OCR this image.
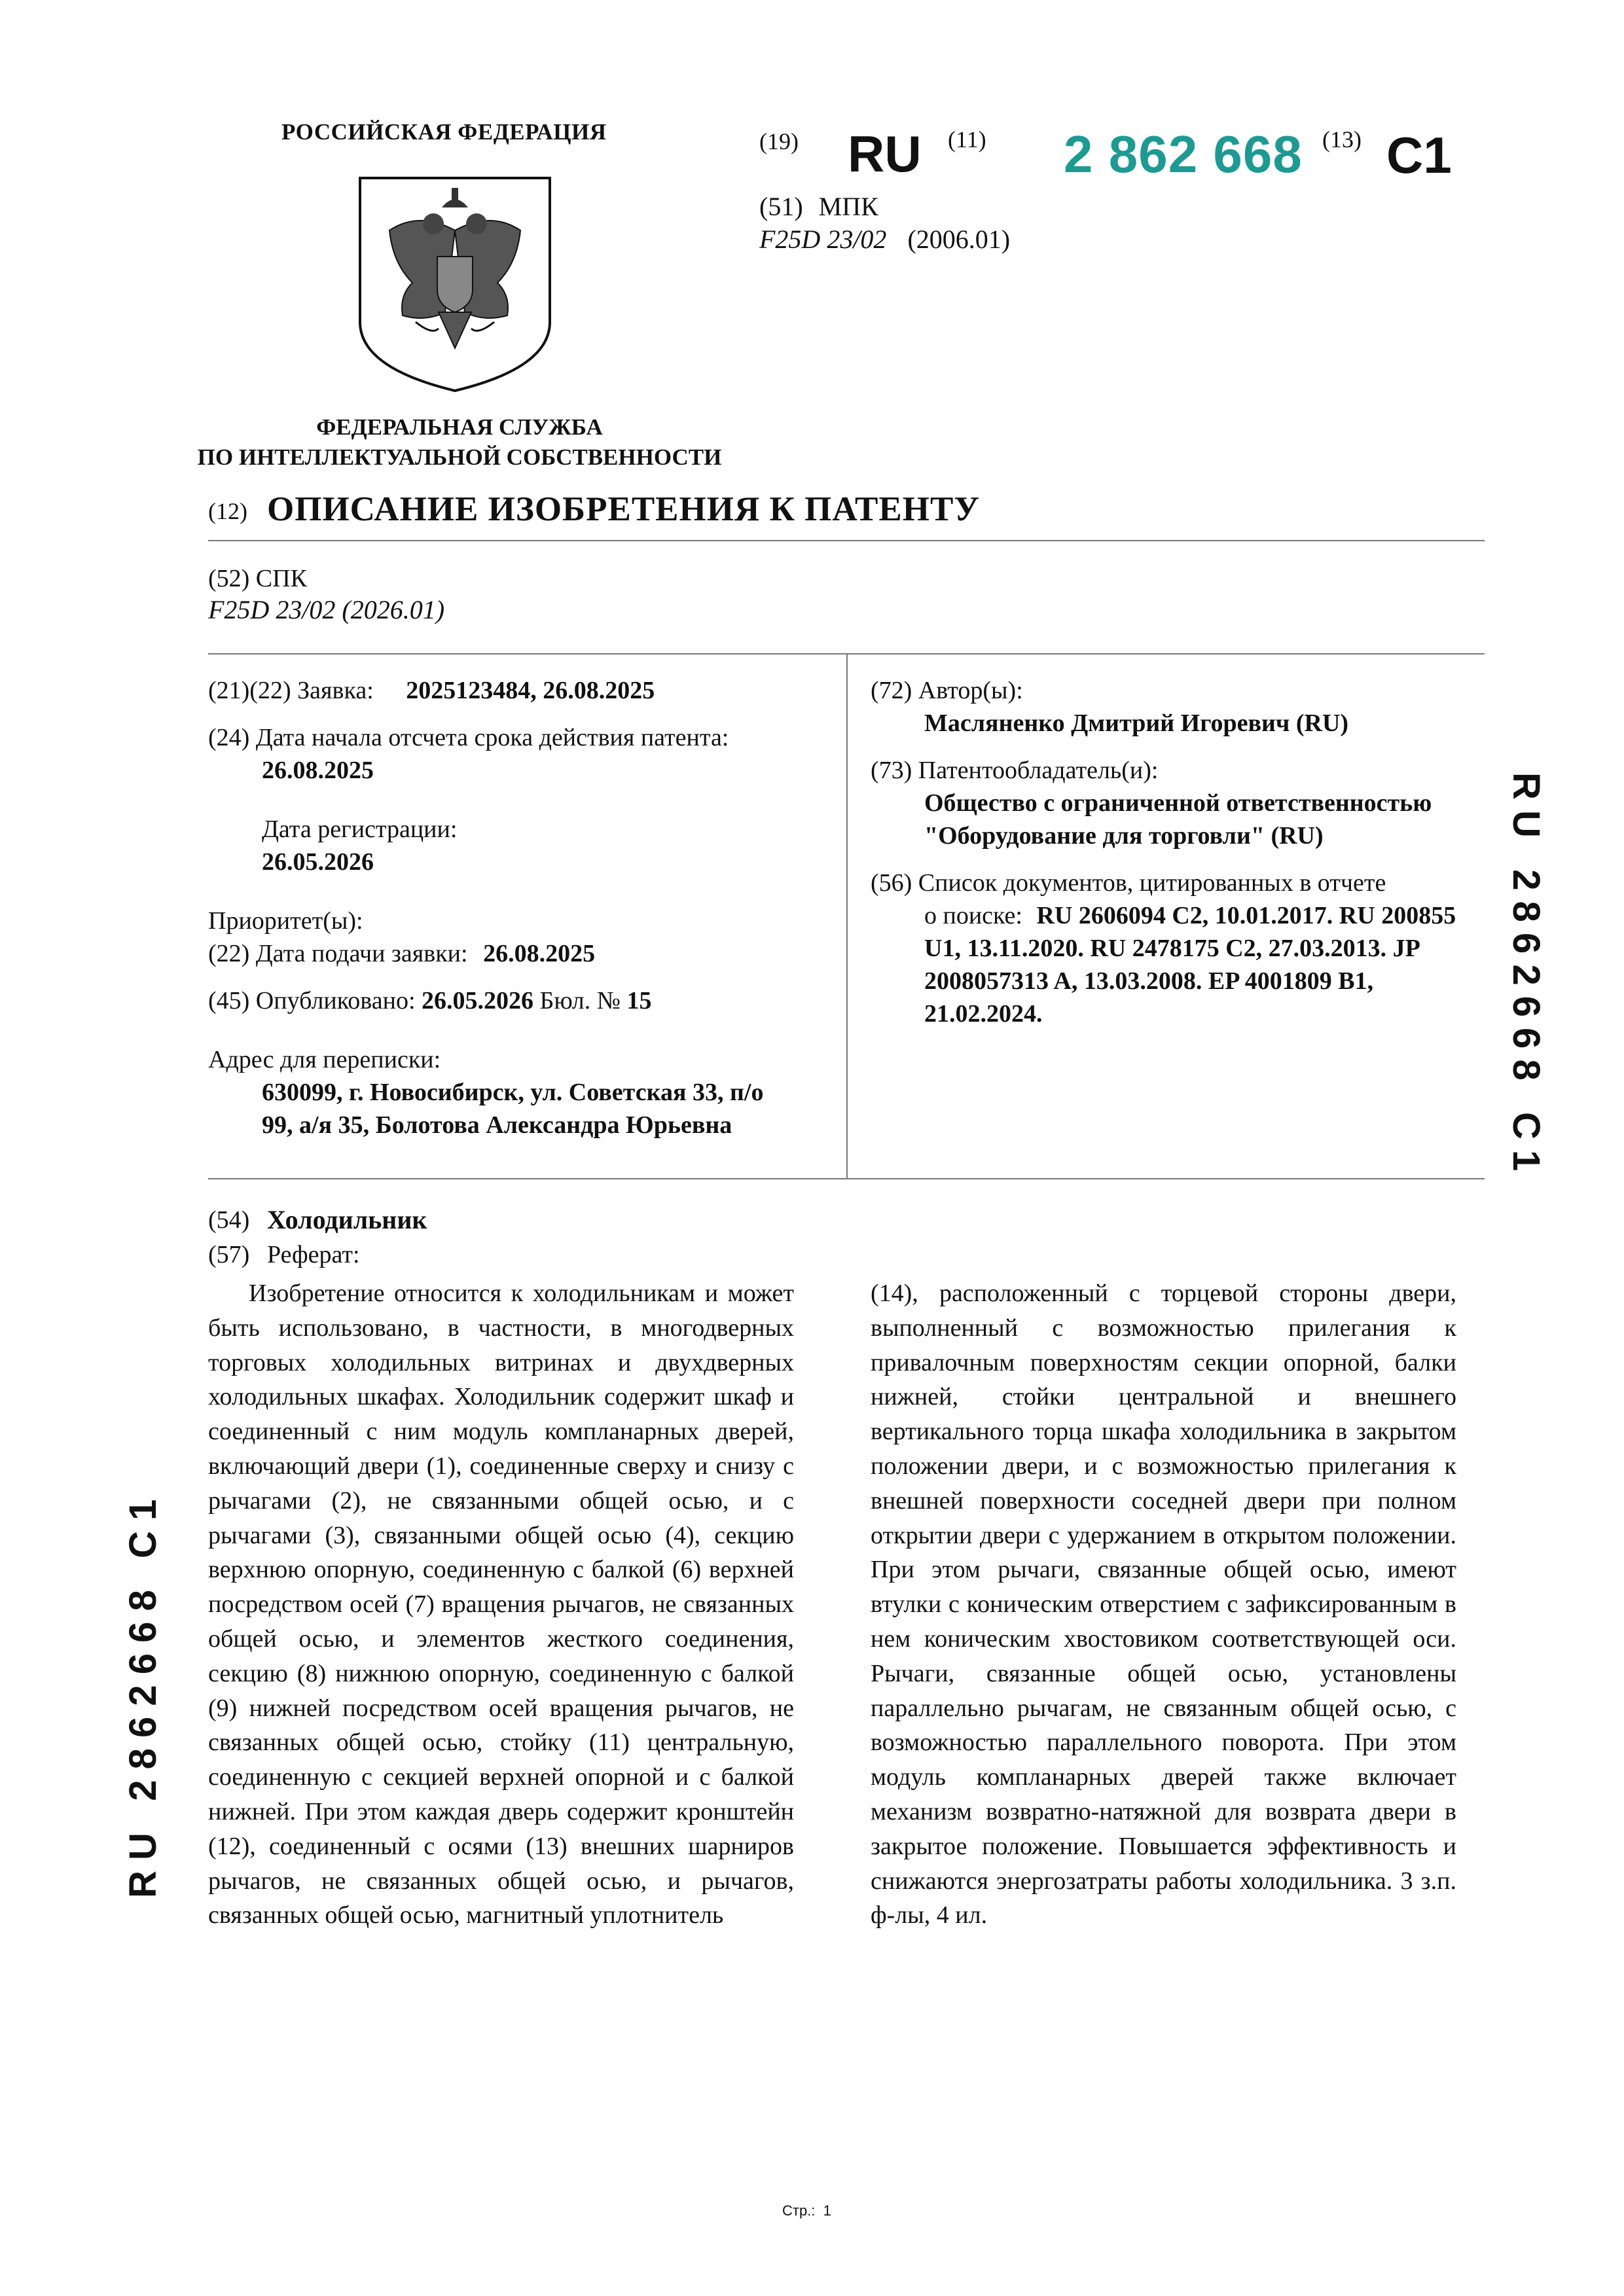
РОССИЙСКАЯ ФЕДЕРАЦИЯ
ФЕДЕРАЛЬНАЯ СЛУЖБА
ПО ИНТЕЛЛЕКТУАЛЬНОЙ СОБСТВЕННОСТИ
(19) RU (11) 2 862 668 (13) C1
(51) МПК
F25D 23/02 (2006.01)
(12) ОПИСАНИЕ ИЗОБРЕТЕНИЯ К ПАТЕНТУ
(52) СПК
F25D 23/02 (2026.01)
(21)(22) Заявка: 2025123484, 26.08.2025
(24) Дата начала отсчета срока действия патента:
26.08.2025
Дата регистрации:
26.05.2026
Приоритет(ы):
(22) Дата подачи заявки: 26.08.2025
(45) Опубликовано: 26.05.2026 Бюл. № 15
Адрес для переписки:
630099, г. Новосибирск, ул. Советская 33, п/о
99, а/я 35, Болотова Александра Юрьевна
(72) Автор(ы):
Масляненко Дмитрий Игоревич (RU)
(73) Патентообладатель(и):
Общество с ограниченной ответственностью
"Оборудование для торговли" (RU)
(56) Список документов, цитированных в отчете
о поиске: RU 2606094 C2, 10.01.2017. RU 200855
U1, 13.11.2020. RU 2478175 C2, 27.03.2013. JP
2008057313 A, 13.03.2008. EP 4001809 B1,
21.02.2024.	R U   2 8 6 2 6 6 8   C 1
R U   2 8 6 2 6 6 8   C 1
(54) Холодильник
(57) Реферат:

Изобретение относится к холодильникам и может быть использовано, в частности, в многодверных торговых холодильных витринах и двухдверных холодильных шкафах. Холодильник содержит шкаф и соединенный с ним модуль компланарных дверей, включающий двери (1), соединенные сверху и снизу с рычагами (2), не связанными общей осью, и с рычагами (3), связанными общей осью (4), секцию верхнюю опорную, соединенную с балкой (6) верхней посредством осей (7) вращения рычагов, не связанных общей осью, и элементов жесткого соединения, секцию (8) нижнюю опорную, соединенную с балкой (9) нижней посредством осей вращения рычагов, не связанных общей осью, стойку (11) центральную, соединенную с секцией верхней опорной и с балкой нижней. При этом каждая дверь содержит кронштейн (12), соединенный с осями (13) внешних шарниров рычагов, не связанных общей осью, и рычагов, связанных общей осью, магнитный уплотнитель

(14), расположенный с торцевой стороны двери, выполненный с возможностью прилегания к привалочным поверхностям секции опорной, балки нижней, стойки центральной и внешнего вертикального торца шкафа холодильника в закрытом положении двери, и с возможностью прилегания к внешней поверхности соседней двери при полном открытии двери с удержанием в открытом положении. При этом рычаги, связанные общей осью, имеют втулки с коническим отверстием с зафиксированным в нем коническим хвостовиком соответствующей оси. Рычаги, связанные общей осью, установлены параллельно рычагам, не связанным общей осью, с возможностью параллельного поворота. При этом модуль компланарных дверей также включает механизм возвратно-натяжной для возврата двери в закрытое положение. Повышается эффективность и снижаются энергозатраты работы холодильника. 3 з.п. ф-лы, 4 ил.

Стр.:  1
